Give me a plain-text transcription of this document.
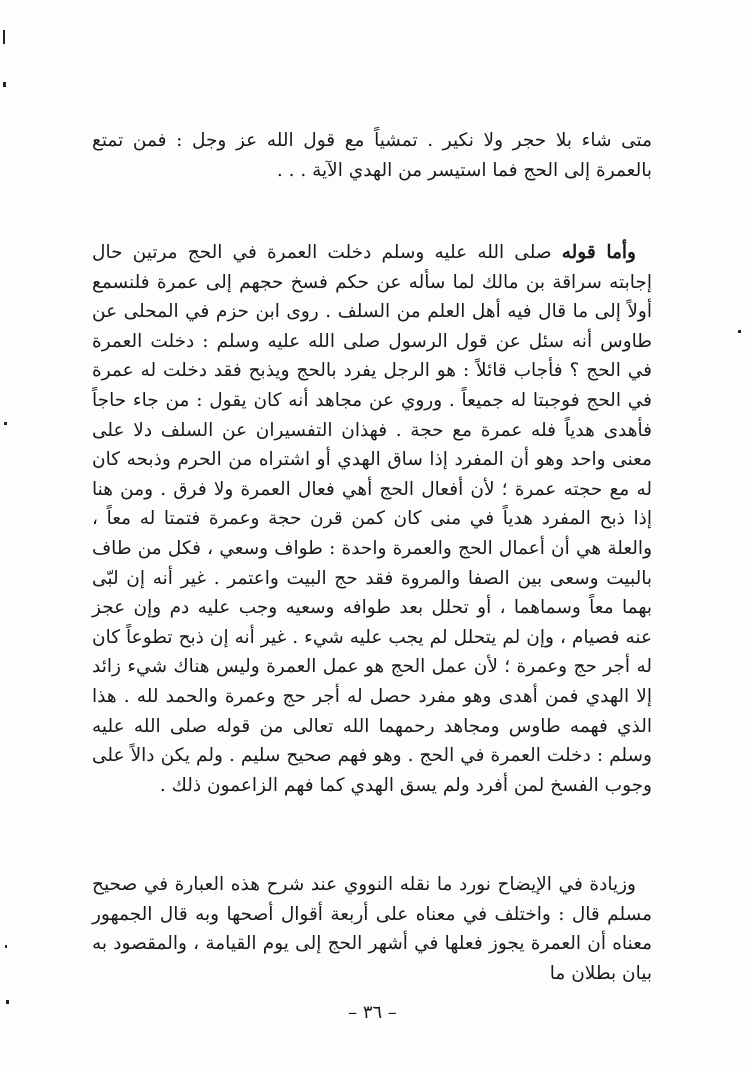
متى شاء بلا حجر ولا نكير . تمشياً مع قول الله عز وجل : فمن تمتع بالعمرة إلى الحج فما استيسر من الهدي الآية . . .

وأما قوله صلى الله عليه وسلم دخلت العمرة في الحج مرتين حال إجابته سراقة بن مالك لما سأله عن حكم فسخ حجهم إلى عمرة فلنسمع أولاً إلى ما قال فيه أهل العلم من السلف . روى ابن حزم في المحلى عن طاوس أنه سئل عن قول الرسول صلى الله عليه وسلم : دخلت العمرة في الحج ؟ فأجاب قائلاً : هو الرجل يفرد بالحج ويذبح فقد دخلت له عمرة في الحج فوجبتا له جميعاً . وروي عن مجاهد أنه كان يقول : من جاء حاجاً فأهدى هدياً فله عمرة مع حجة . فهذان التفسيران عن السلف دلا على معنى واحد وهو أن المفرد إذا ساق الهدي أو اشتراه من الحرم وذبحه كان له مع حجته عمرة ؛ لأن أفعال الحج أهي فعال العمرة ولا فرق . ومن هنا إذا ذبح المفرد هدياً في منى كان كمن قرن حجة وعمرة فتمتا له معاً ، والعلة هي أن أعمال الحج والعمرة واحدة : طواف وسعي ، فكل من طاف بالبيت وسعى بين الصفا والمروة فقد حج البيت واعتمر . غير أنه إن لبّى بهما معاً وسماهما ، أو تحلل بعد طوافه وسعيه وجب عليه دم وإن عجز عنه فصيام ، وإن لم يتحلل لم يجب عليه شيء . غير أنه إن ذبح تطوعاً كان له أجر حج وعمرة ؛ لأن عمل الحج هو عمل العمرة وليس هناك شيء زائد إلا الهدي فمن أهدى وهو مفرد حصل له أجر حج وعمرة والحمد لله . هذا الذي فهمه طاوس ومجاهد رحمهما الله تعالى من قوله صلى الله عليه وسلم : دخلت العمرة في الحج . وهو فهم صحيح سليم . ولم يكن دالاً على وجوب الفسخ لمن أفرد ولم يسق الهدي كما فهم الزاعمون ذلك .

وزيادة في الإيضاح نورد ما نقله النووي عند شرح هذه العبارة في صحيح مسلم قال : واختلف في معناه على أربعة أقوال أصحها وبه قال الجمهور معناه أن العمرة يجوز فعلها في أشهر الحج إلى يوم القيامة ، والمقصود به بيان بطلان ما

– ٣٦ –
